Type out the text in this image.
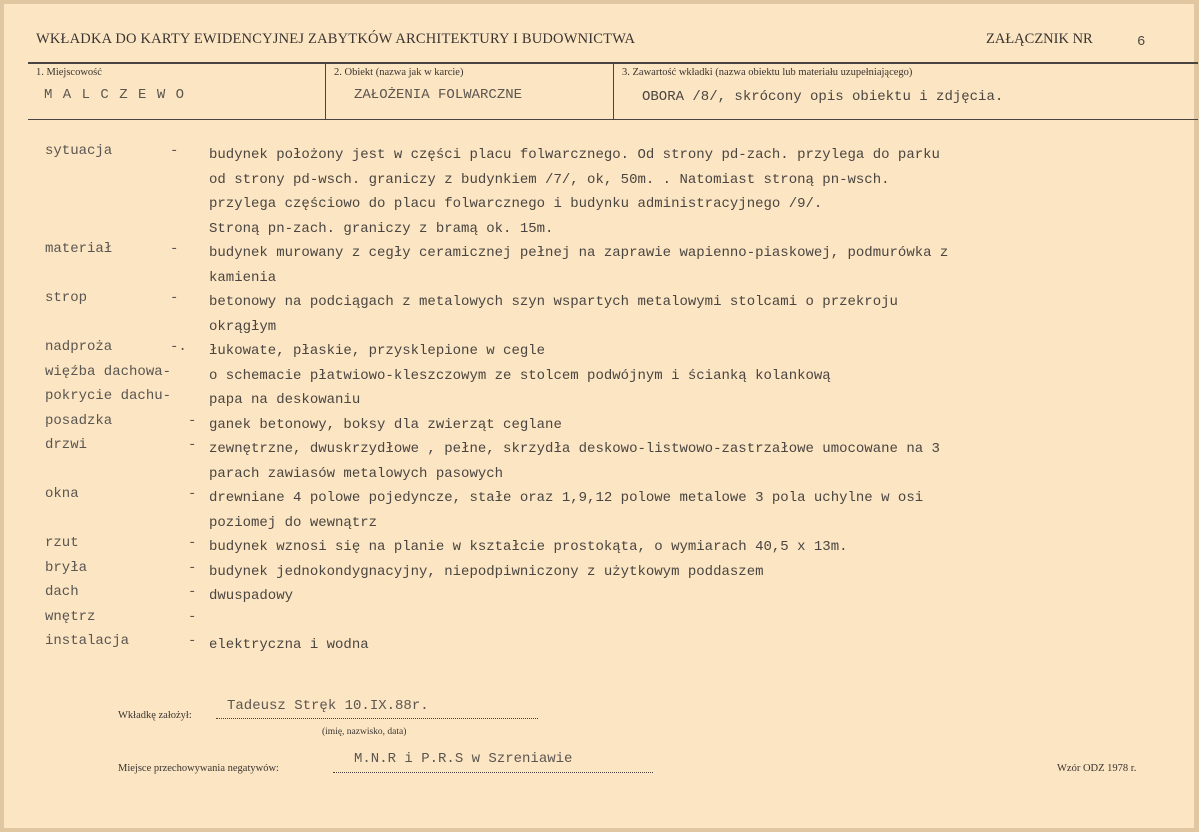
WKŁADKA DO KARTY EWIDENCYJNEJ ZABYTKÓW ARCHITEKTURY I BUDOWNICTWA	ZAŁĄCZNIK NR	6
1. Miejscowość
M A L C Z E W O
2. Obiekt (nazwa jak w karcie)
ZAŁOŻENIA FOLWARCZNE
3. Zawartość wkładki (nazwa obiektu lub materiału uzupełniającego)
OBORA /8/, skrócony opis obiektu i zdjęcia.
sytuacja	- budynek położony jest w części placu folwarcznego. Od strony pd-zach. przylega do parku
od strony pd-wsch. graniczy z budynkiem /7/, ok, 50m. . Natomiast stroną pn-wsch.
przylega częściowo do placu folwarcznego i budynku administracyjnego /9/.
Stroną pn-zach. graniczy z bramą ok. 15m.
materiał	- budynek murowany z cegły ceramicznej pełnej na zaprawie wapienno-piaskowej, podmurówka z
kamienia
strop	- betonowy na podciągach z metalowych szyn wspartych metalowymi stolcami o przekroju
okrągłym
nadproża	-. łukowate, płaskie, przysklepione w cegle
więźba dachowa-	o schemacie płatwiowo-kleszczowym ze stolcem podwójnym i ścianką kolankową
pokrycie dachu-	papa na deskowaniu
posadzka	- ganek betonowy, boksy dla zwierząt ceglane
drzwi	- zewnętrzne, dwuskrzydłowe , pełne, skrzydła deskowo-listwowo-zastrzałowe umocowane na 3
parach zawiasów metalowych pasowych
okna	- drewniane 4 polowe pojedyncze, stałe oraz 1,9,12 polowe metalowe 3 pola uchylne w osi
poziomej do wewnątrz
rzut	- budynek wznosi się na planie w kształcie prostokąta, o wymiarach 40,5 x 13m.
bryła	- budynek jednokondygnacyjny, niepodpiwniczony z użytkowym poddaszem
dach	- dwuspadowy
wnętrz	-
instalacja	- elektryczna i wodna
Wkładkę założył:
Tadeusz Stręk 10.IX.88r.
(imię, nazwisko, data)
Miejsce przechowywania negatywów:
M.N.R i P.R.S w Szreniawie
Wzór ODZ 1978 r.
